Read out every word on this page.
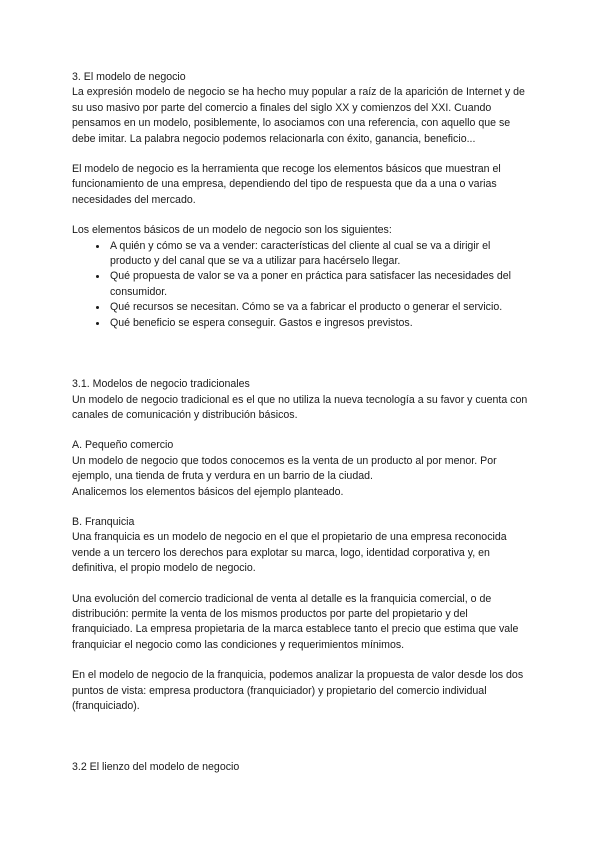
3. El modelo de negocio

La expresión modelo de negocio se ha hecho muy popular a raíz de la aparición de Internet y de su uso masivo por parte del comercio a finales del siglo XX y comienzos del XXI. Cuando pensamos en un modelo, posiblemente, lo asociamos con una referencia, con aquello que se debe imitar. La palabra negocio podemos relacionarla con éxito, ganancia, beneficio...

El modelo de negocio es la herramienta que recoge los elementos básicos que muestran el funcionamiento de una empresa, dependiendo del tipo de respuesta que da a una o varias necesidades del mercado.

Los elementos básicos de un modelo de negocio son los siguientes:

• A quién y cómo se va a vender: características del cliente al cual se va a dirigir el producto y del canal que se va a utilizar para hacérselo llegar.
• Qué propuesta de valor se va a poner en práctica para satisfacer las necesidades del consumidor.
• Qué recursos se necesitan. Cómo se va a fabricar el producto o generar el servicio.
• Qué beneficio se espera conseguir. Gastos e ingresos previstos.
3.1. Modelos de negocio tradicionales

Un modelo de negocio tradicional es el que no utiliza la nueva tecnología a su favor y cuenta con canales de comunicación y distribución básicos.

A. Pequeño comercio

Un modelo de negocio que todos conocemos es la venta de un producto al por menor. Por ejemplo, una tienda de fruta y verdura en un barrio de la ciudad.

Analicemos los elementos básicos del ejemplo planteado.

B. Franquicia

Una franquicia es un modelo de negocio en el que el propietario de una empresa reconocida vende a un tercero los derechos para explotar su marca, logo, identidad corporativa y, en definitiva, el propio modelo de negocio.

Una evolución del comercio tradicional de venta al detalle es la franquicia comercial, o de distribución: permite la venta de los mismos productos por parte del propietario y del franquiciado. La empresa propietaria de la marca establece tanto el precio que estima que vale franquiciar el negocio como las condiciones y requerimientos mínimos.

En el modelo de negocio de la franquicia, podemos analizar la propuesta de valor desde los dos puntos de vista: empresa productora (franquiciador) y propietario del comercio individual (franquiciado).

3.2 El lienzo del modelo de negocio
